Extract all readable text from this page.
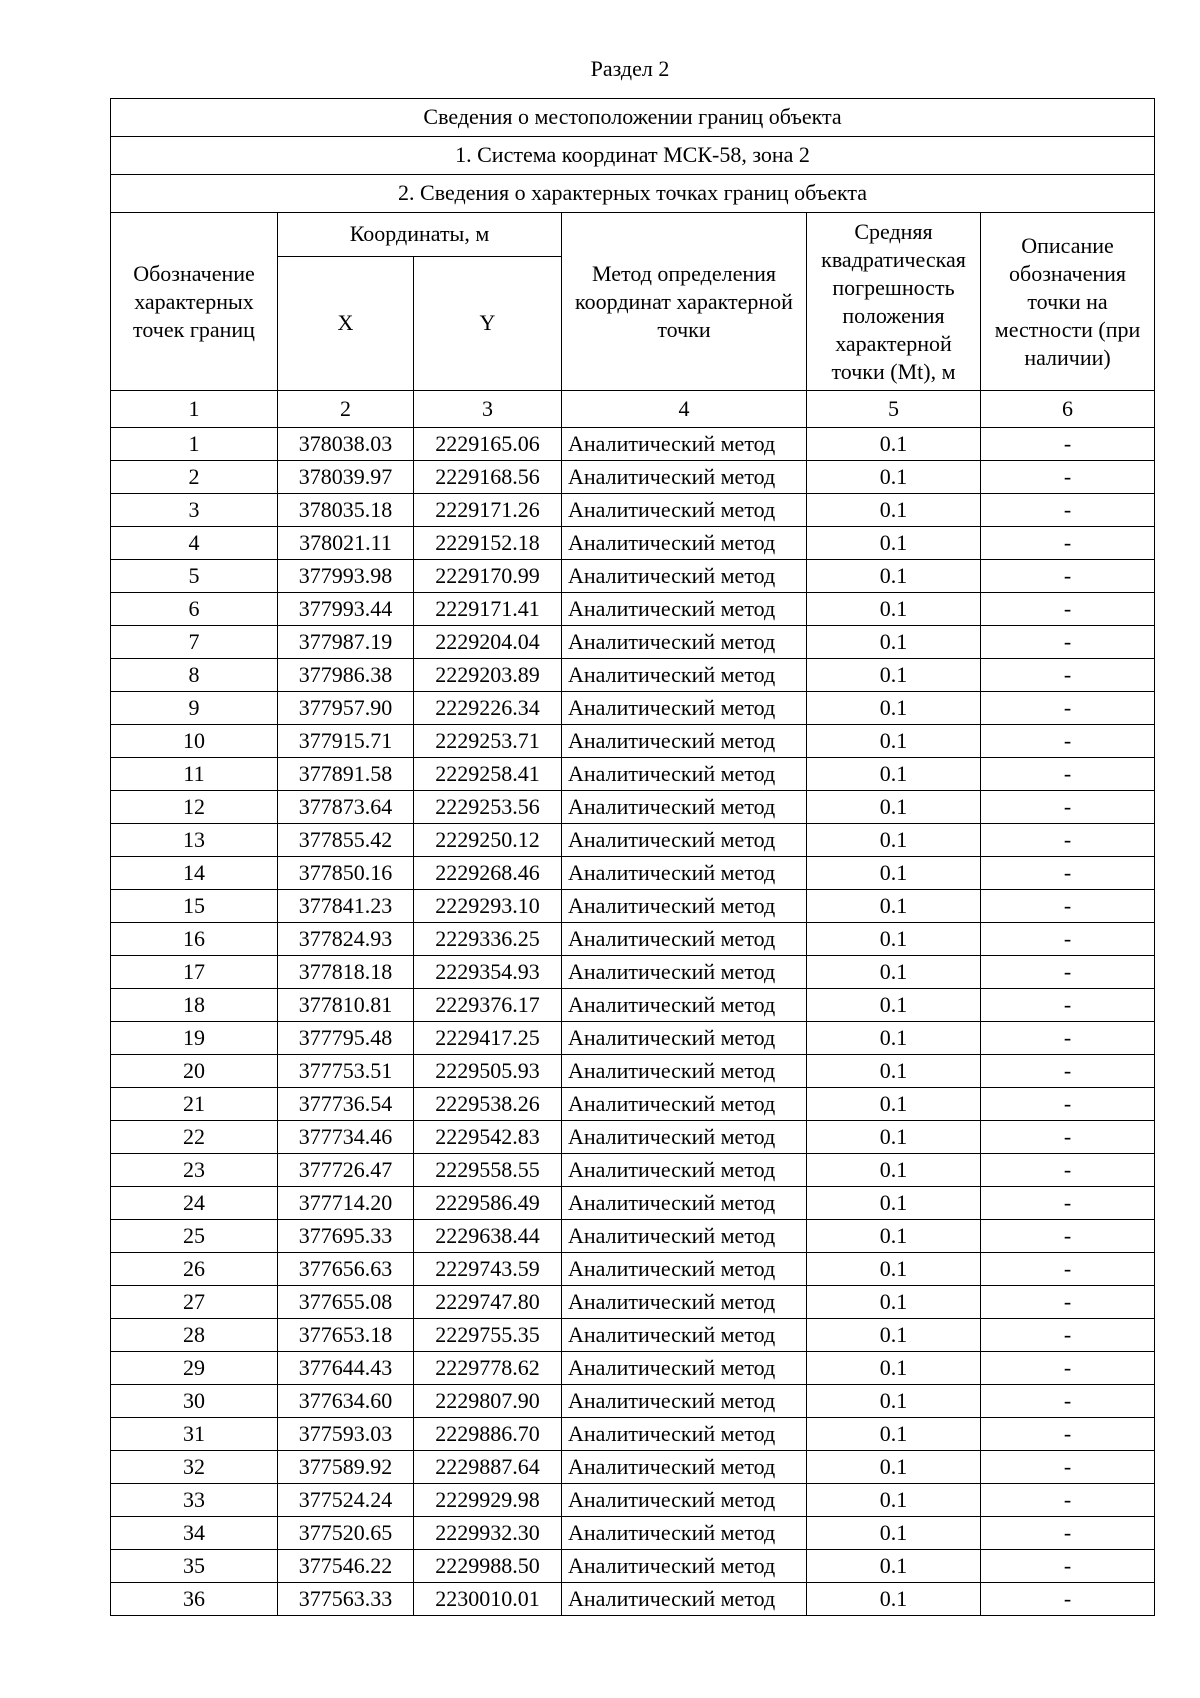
Раздел 2
Сведения о местоположении границ объекта					
1. Система координат МСК-58, зона 2					
2. Сведения о характерных точках границ объекта					
Обозначение характерных точек границ	Координаты, м		Метод определения координат характерной точки	Средняя квадратическая погрешность положения характерной точки (Mt), м	Описание обозначения точки на местности (при наличии)
	X	Y			
1	2	3	4	5	6
1	378038.03	2229165.06	Аналитический метод	0.1	-
2	378039.97	2229168.56	Аналитический метод	0.1	-
3	378035.18	2229171.26	Аналитический метод	0.1	-
4	378021.11	2229152.18	Аналитический метод	0.1	-
5	377993.98	2229170.99	Аналитический метод	0.1	-
6	377993.44	2229171.41	Аналитический метод	0.1	-
7	377987.19	2229204.04	Аналитический метод	0.1	-
8	377986.38	2229203.89	Аналитический метод	0.1	-
9	377957.90	2229226.34	Аналитический метод	0.1	-
10	377915.71	2229253.71	Аналитический метод	0.1	-
11	377891.58	2229258.41	Аналитический метод	0.1	-
12	377873.64	2229253.56	Аналитический метод	0.1	-
13	377855.42	2229250.12	Аналитический метод	0.1	-
14	377850.16	2229268.46	Аналитический метод	0.1	-
15	377841.23	2229293.10	Аналитический метод	0.1	-
16	377824.93	2229336.25	Аналитический метод	0.1	-
17	377818.18	2229354.93	Аналитический метод	0.1	-
18	377810.81	2229376.17	Аналитический метод	0.1	-
19	377795.48	2229417.25	Аналитический метод	0.1	-
20	377753.51	2229505.93	Аналитический метод	0.1	-
21	377736.54	2229538.26	Аналитический метод	0.1	-
22	377734.46	2229542.83	Аналитический метод	0.1	-
23	377726.47	2229558.55	Аналитический метод	0.1	-
24	377714.20	2229586.49	Аналитический метод	0.1	-
25	377695.33	2229638.44	Аналитический метод	0.1	-
26	377656.63	2229743.59	Аналитический метод	0.1	-
27	377655.08	2229747.80	Аналитический метод	0.1	-
28	377653.18	2229755.35	Аналитический метод	0.1	-
29	377644.43	2229778.62	Аналитический метод	0.1	-
30	377634.60	2229807.90	Аналитический метод	0.1	-
31	377593.03	2229886.70	Аналитический метод	0.1	-
32	377589.92	2229887.64	Аналитический метод	0.1	-
33	377524.24	2229929.98	Аналитический метод	0.1	-
34	377520.65	2229932.30	Аналитический метод	0.1	-
35	377546.22	2229988.50	Аналитический метод	0.1	-
36	377563.33	2230010.01	Аналитический метод	0.1	-
